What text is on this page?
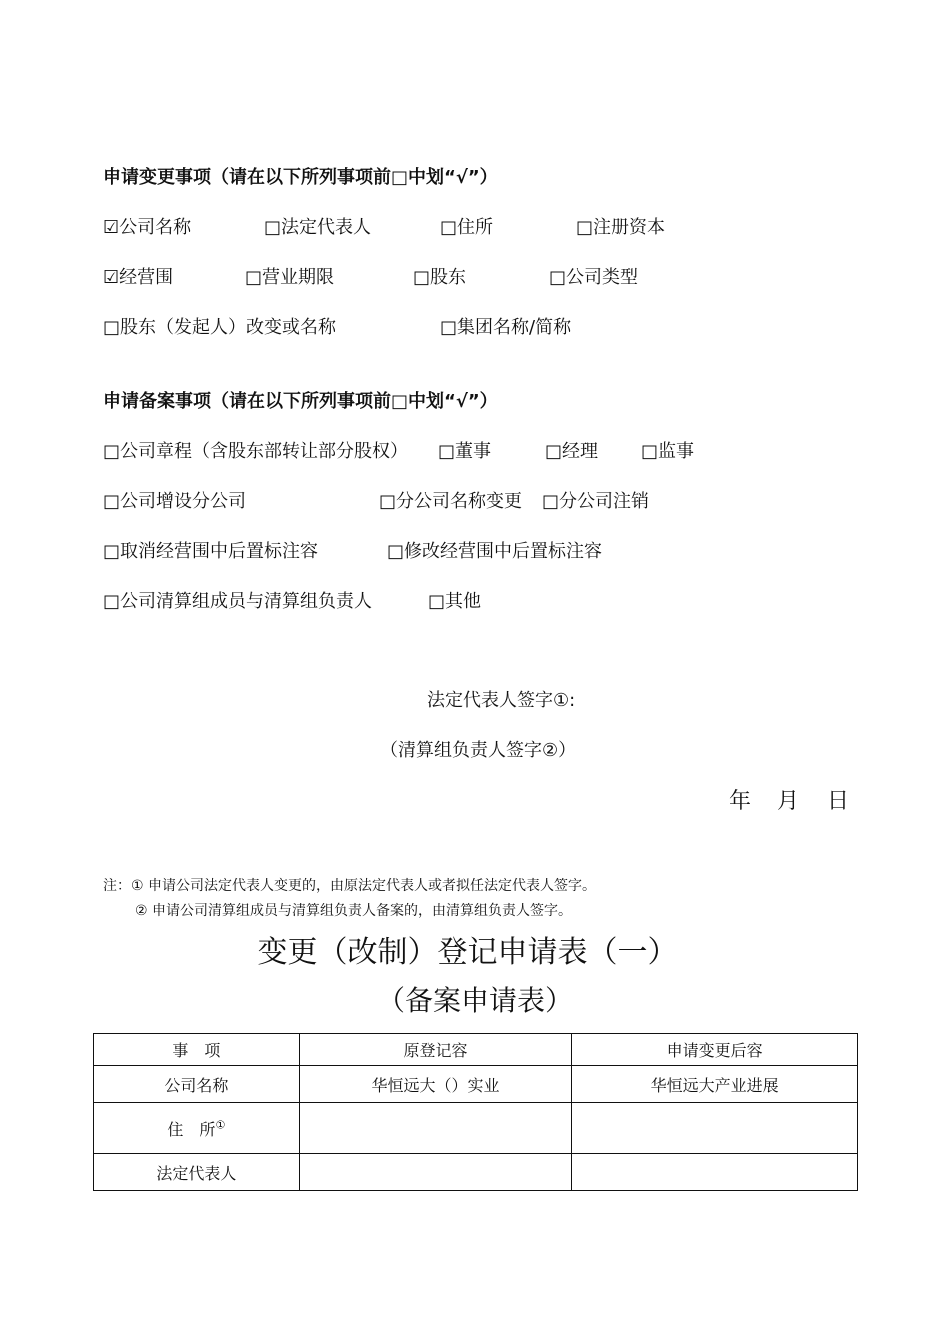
申请变更事项（请在以下所列事项前□中划“√”）
☑公司名称	□法定代表人	□住所	□注册资本
☑经营围	□营业期限	□股东	□公司类型
□股东（发起人）改变或名称	□集团名称/简称
申请备案事项（请在以下所列事项前□中划“√”）
□公司章程（含股东部转让部分股权） □董事	□经理 □监事
□公司增设分公司	□分公司名称变更 □分公司注销
□取消经营围中后置标注容	□修改经营围中后置标注容
□公司清算组成员与清算组负责人	□其他
法定代表人签字①:
（清算组负责人签字②）
年 月 日
注：① 申请公司法定代表人变更的，由原法定代表人或者拟任法定代表人签字。
② 申请公司清算组成员与清算组负责人备案的，由清算组负责人签字。
变更（改制）登记申请表（一）
（备案申请表）
事　项	原登记容	申请变更后容
公司名称	华恒远大（）实业	华恒远大产业进展
住　所①		
法定代表人		
